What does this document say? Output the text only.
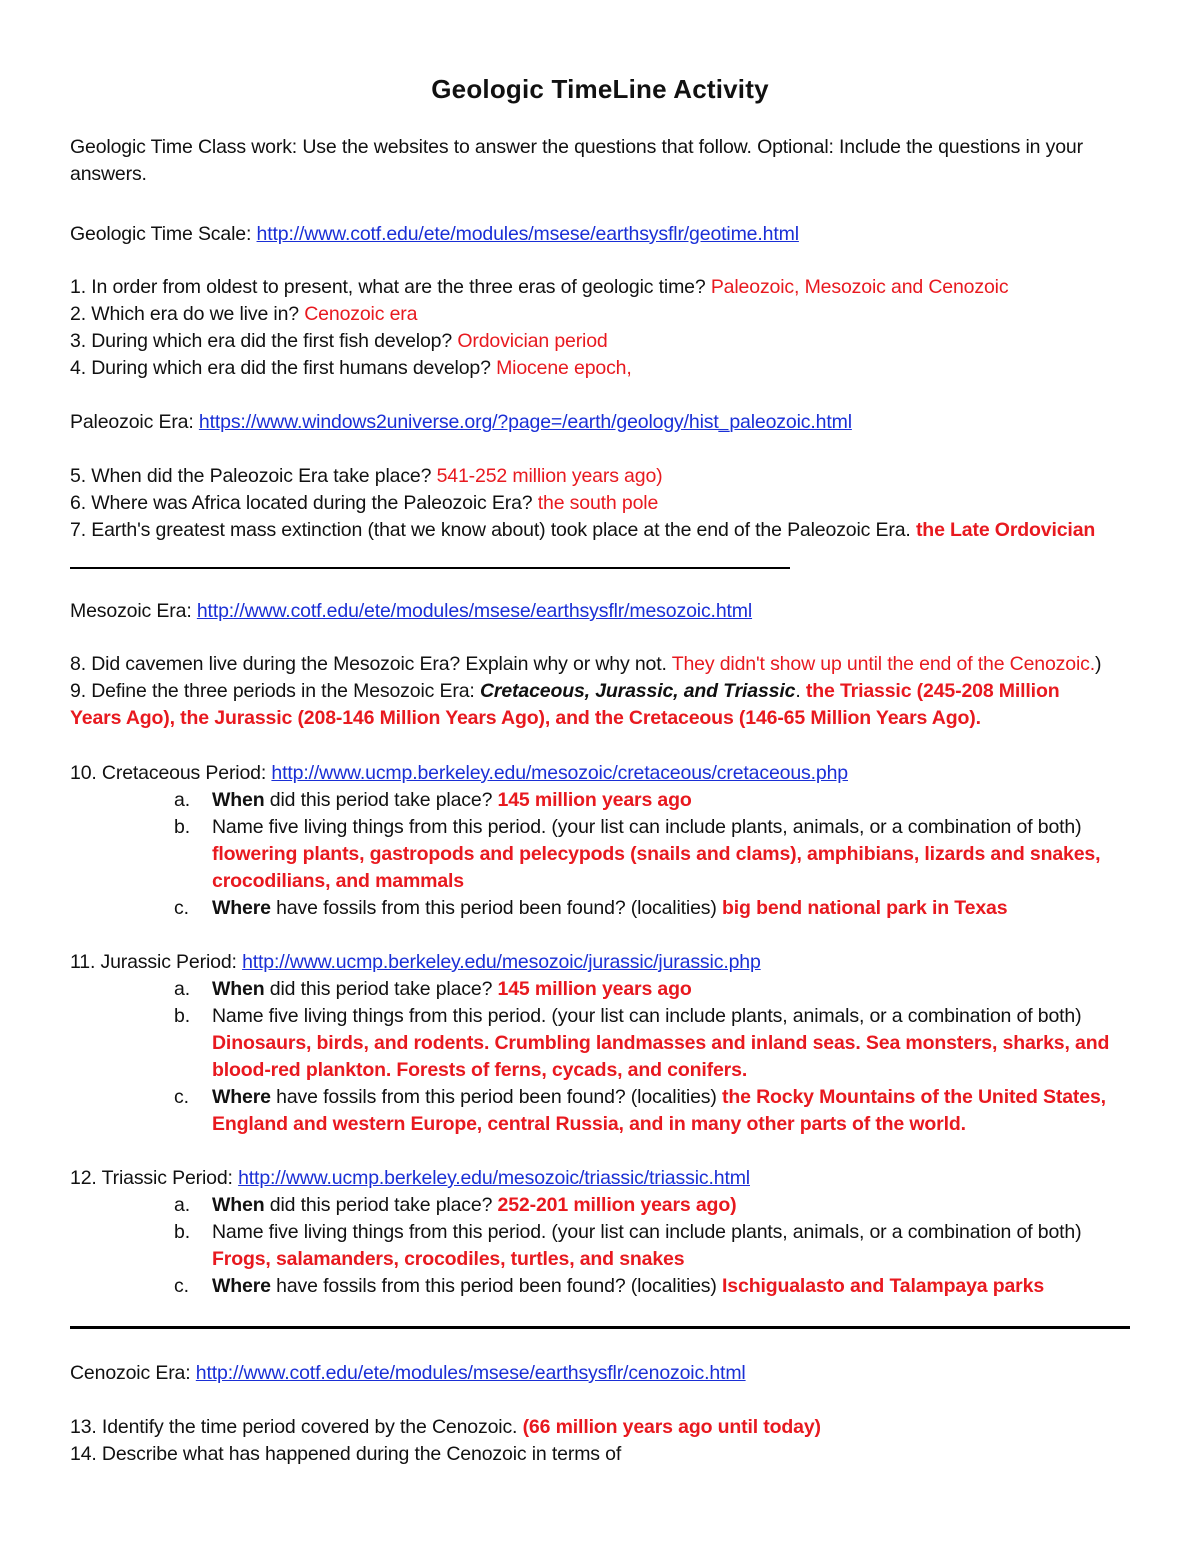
Geologic TimeLine Activity
Geologic Time Class work: Use the websites to answer the questions that follow. Optional: Include the questions in your
answers.
Geologic Time Scale: http://www.cotf.edu/ete/modules/msese/earthsysflr/geotime.html
1. In order from oldest to present, what are the three eras of geologic time? Paleozoic, Mesozoic and Cenozoic
2. Which era do we live in? Cenozoic era
3. During which era did the first fish develop? Ordovician period
4. During which era did the first humans develop? Miocene epoch,
Paleozoic Era: https://www.windows2universe.org/?page=/earth/geology/hist_paleozoic.html
5. When did the Paleozoic Era take place? 541-252 million years ago)
6. Where was Africa located during the Paleozoic Era? the south pole
7. Earth's greatest mass extinction (that we know about) took place at the end of the Paleozoic Era. the Late Ordovician
Mesozoic Era: http://www.cotf.edu/ete/modules/msese/earthsysflr/mesozoic.html
8. Did cavemen live during the Mesozoic Era? Explain why or why not. They didn't show up until the end of the Cenozoic.)
9. Define the three periods in the Mesozoic Era: Cretaceous, Jurassic, and Triassic. the Triassic (245-208 Million
Years Ago), the Jurassic (208-146 Million Years Ago), and the Cretaceous (146-65 Million Years Ago).
10. Cretaceous Period: http://www.ucmp.berkeley.edu/mesozoic/cretaceous/cretaceous.php
a. When did this period take place? 145 million years ago
b. Name five living things from this period. (your list can include plants, animals, or a combination of both)
flowering plants, gastropods and pelecypods (snails and clams), amphibians, lizards and snakes,
crocodilians, and mammals
c. Where have fossils from this period been found? (localities) big bend national park in Texas
11. Jurassic Period: http://www.ucmp.berkeley.edu/mesozoic/jurassic/jurassic.php
a. When did this period take place? 145 million years ago
b. Name five living things from this period. (your list can include plants, animals, or a combination of both)
Dinosaurs, birds, and rodents. Crumbling landmasses and inland seas. Sea monsters, sharks, and
blood-red plankton. Forests of ferns, cycads, and conifers.
c. Where have fossils from this period been found? (localities) the Rocky Mountains of the United States,
England and western Europe, central Russia, and in many other parts of the world.
12. Triassic Period: http://www.ucmp.berkeley.edu/mesozoic/triassic/triassic.html
a. When did this period take place? 252-201 million years ago)
b. Name five living things from this period. (your list can include plants, animals, or a combination of both)
Frogs, salamanders, crocodiles, turtles, and snakes
c. Where have fossils from this period been found? (localities) Ischigualasto and Talampaya parks
Cenozoic Era: http://www.cotf.edu/ete/modules/msese/earthsysflr/cenozoic.html
13. Identify the time period covered by the Cenozoic. (66 million years ago until today)
14. Describe what has happened during the Cenozoic in terms of
